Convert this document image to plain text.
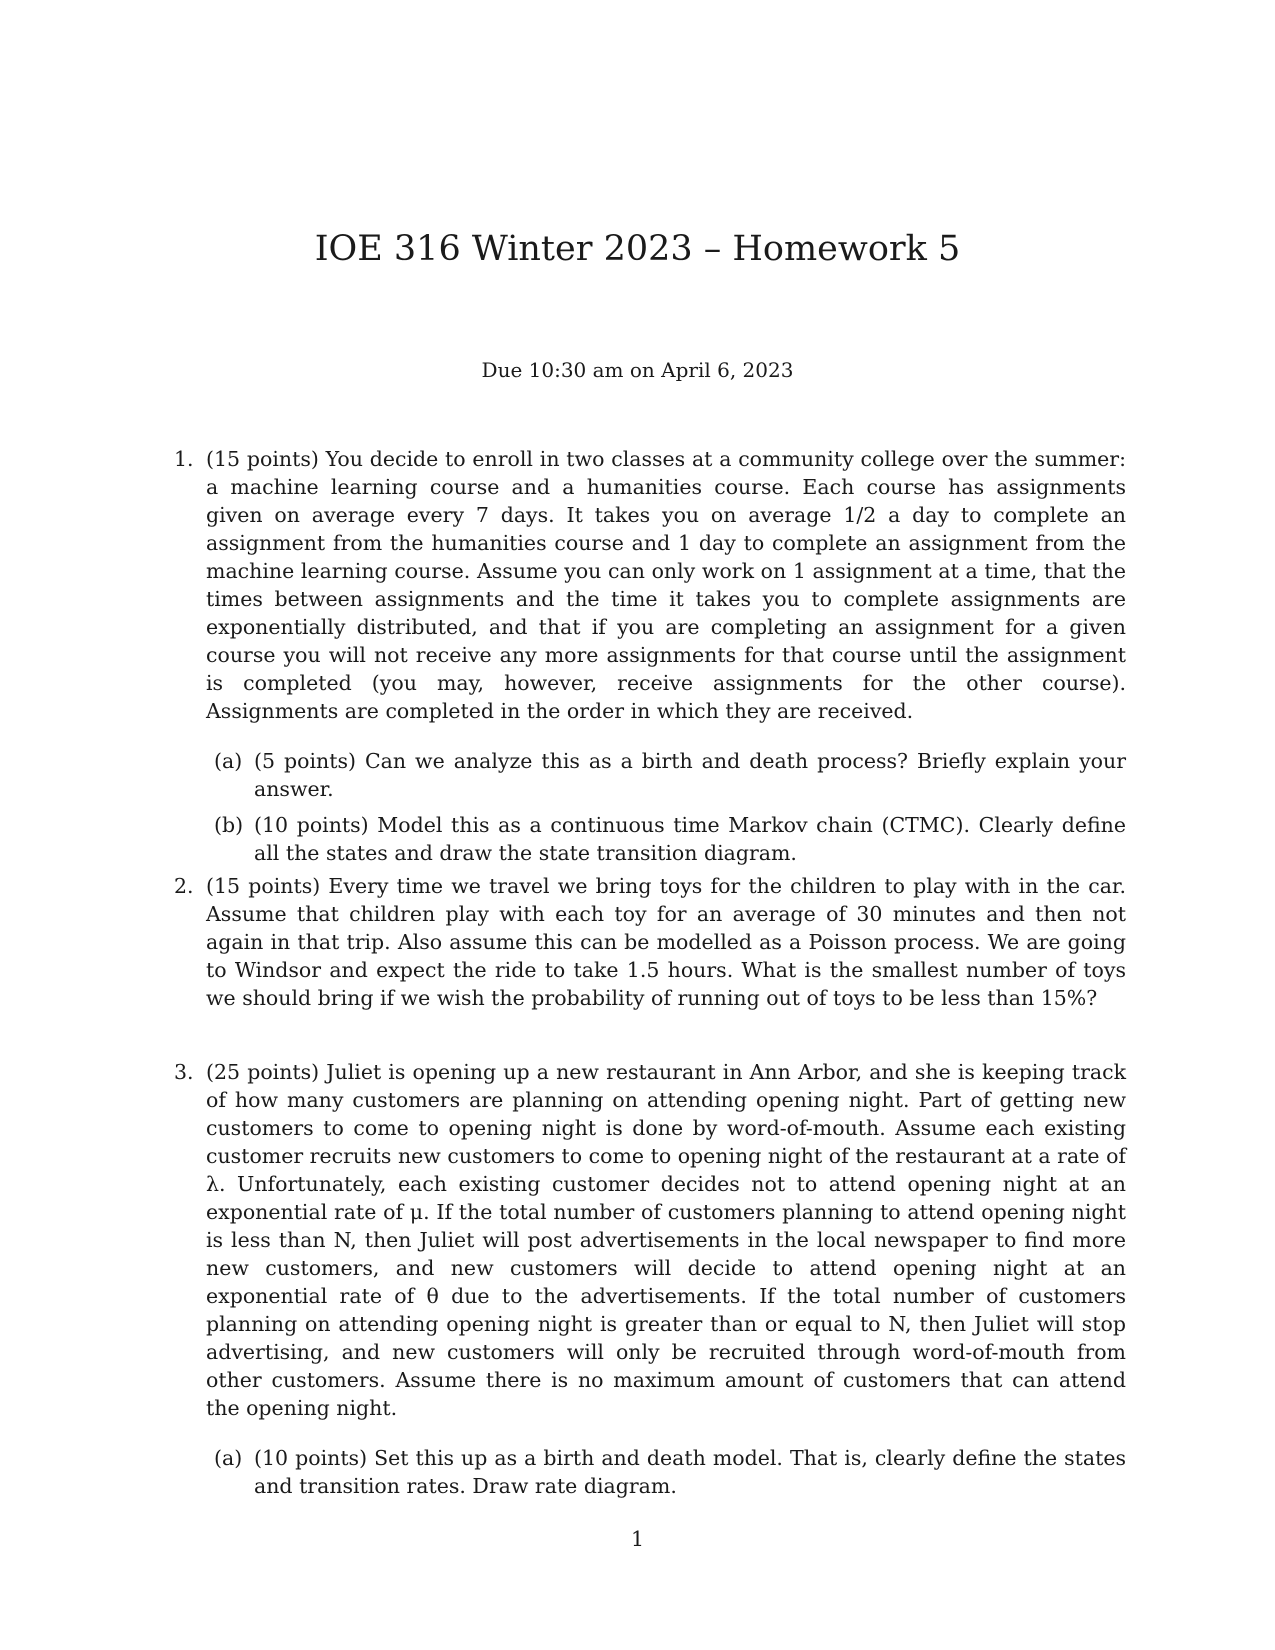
IOE 316 Winter 2023 – Homework 5

Due 10:30 am on April 6, 2023

1. (15 points) You decide to enroll in two classes at a community college over the summer: a machine learning course and a humanities course. Each course has assignments given on average every 7 days. It takes you on average 1/2 a day to complete an assignment from the humanities course and 1 day to complete an assignment from the machine learning course. Assume you can only work on 1 assignment at a time, that the times between assignments and the time it takes you to complete assignments are exponentially distributed, and that if you are completing an assignment for a given course you will not receive any more assignments for that course until the assignment is completed (you may, however, receive assignments for the other course). Assignments are completed in the order in which they are received.
(a) (5 points) Can we analyze this as a birth and death process? Briefly explain your answer.
(b) (10 points) Model this as a continuous time Markov chain (CTMC). Clearly define all the states and draw the state transition diagram.
2. (15 points) Every time we travel we bring toys for the children to play with in the car. Assume that children play with each toy for an average of 30 minutes and then not again in that trip. Also assume this can be modelled as a Poisson process. We are going to Windsor and expect the ride to take 1.5 hours. What is the smallest number of toys we should bring if we wish the probability of running out of toys to be less than 15%?
3. (25 points) Juliet is opening up a new restaurant in Ann Arbor, and she is keeping track of how many customers are planning on attending opening night. Part of getting new customers to come to opening night is done by word-of-mouth. Assume each existing customer recruits new customers to come to opening night of the restaurant at a rate of λ. Unfortunately, each existing customer decides not to attend opening night at an exponential rate of μ. If the total number of customers planning to attend opening night is less than N, then Juliet will post advertisements in the local newspaper to find more new customers, and new customers will decide to attend opening night at an exponential rate of θ due to the advertisements. If the total number of customers planning on attending opening night is greater than or equal to N, then Juliet will stop advertising, and new customers will only be recruited through word-of-mouth from other customers. Assume there is no maximum amount of customers that can attend the opening night.
(a) (10 points) Set this up as a birth and death model. That is, clearly define the states and transition rates. Draw rate diagram.
1
